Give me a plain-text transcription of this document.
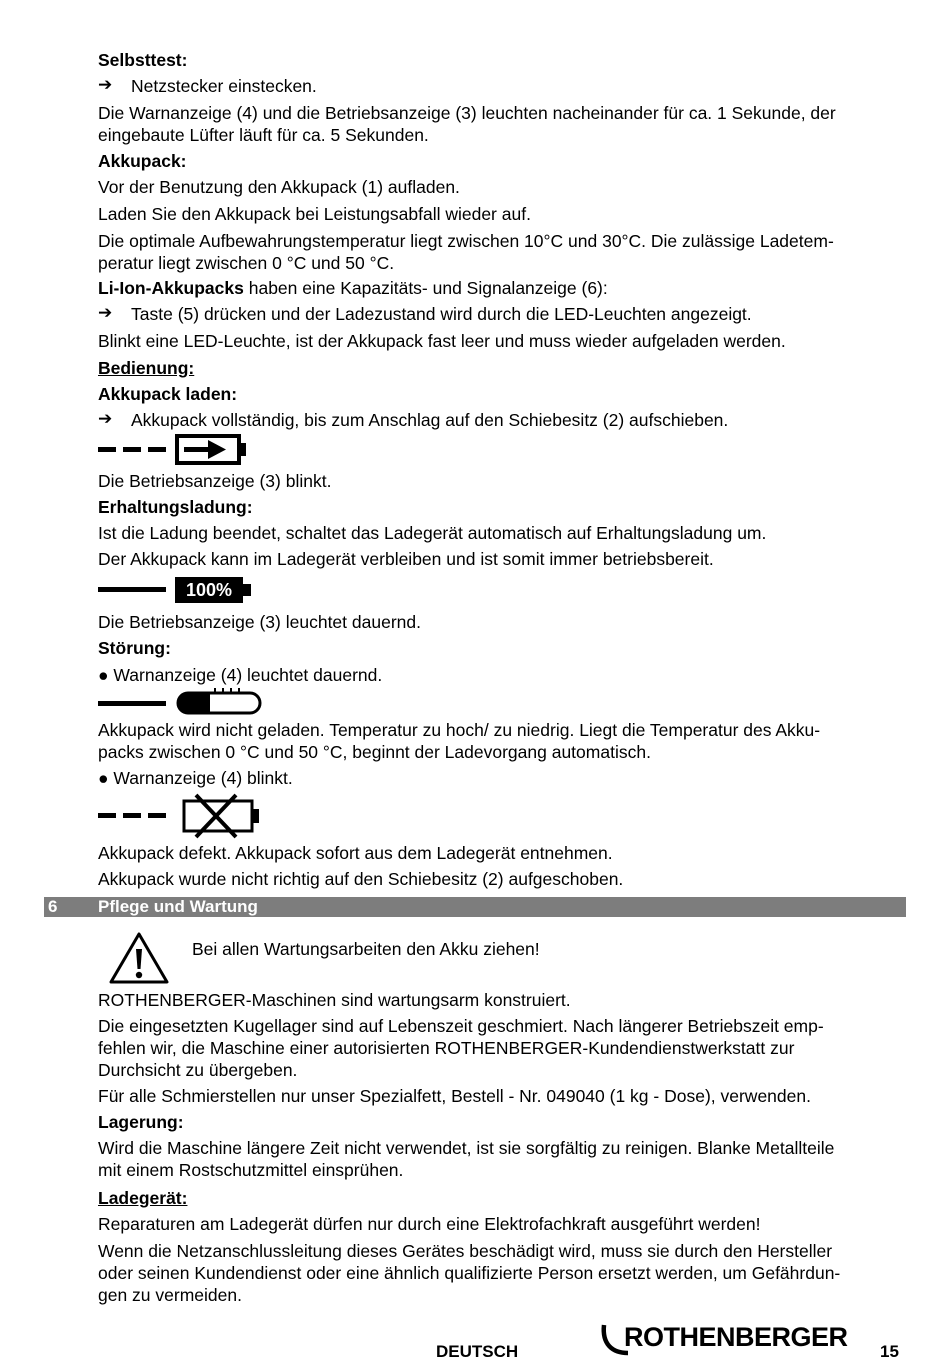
Selbsttest:
➔ Netzstecker einstecken.
Die Warnanzeige (4) und die Betriebsanzeige (3) leuchten nacheinander für ca. 1 Sekunde, der
eingebaute Lüfter läuft für ca. 5 Sekunden.
Akkupack:
Vor der Benutzung den Akkupack (1) aufladen.
Laden Sie den Akkupack bei Leistungsabfall wieder auf.
Die optimale Aufbewahrungstemperatur liegt zwischen 10°C und 30°C. Die zulässige Ladetem-
peratur liegt zwischen 0 °C und 50 °C.
Li-Ion-Akkupacks haben eine Kapazitäts- und Signalanzeige (6):
➔ Taste (5) drücken und der Ladezustand wird durch die LED-Leuchten angezeigt.
Blinkt eine LED-Leuchte, ist der Akkupack fast leer und muss wieder aufgeladen werden.
Bedienung:
Akkupack laden:
➔ Akkupack vollständig, bis zum Anschlag auf den Schiebesitz (2) aufschieben.
Die Betriebsanzeige (3) blinkt.
Erhaltungsladung:
Ist die Ladung beendet, schaltet das Ladegerät automatisch auf Erhaltungsladung um.
Der Akkupack kann im Ladegerät verbleiben und ist somit immer betriebsbereit.
100%
Die Betriebsanzeige (3) leuchtet dauernd.
Störung:
● Warnanzeige (4) leuchtet dauernd.
Akkupack wird nicht geladen. Temperatur zu hoch/ zu niedrig. Liegt die Temperatur des Akku-
packs zwischen 0 °C und 50 °C, beginnt der Ladevorgang automatisch.
● Warnanzeige (4) blinkt.
Akkupack defekt. Akkupack sofort aus dem Ladegerät entnehmen.
Akkupack wurde nicht richtig auf den Schiebesitz (2) aufgeschoben.
6 Pflege und Wartung
Bei allen Wartungsarbeiten den Akku ziehen!
ROTHENBERGER-Maschinen sind wartungsarm konstruiert.
Die eingesetzten Kugellager sind auf Lebenszeit geschmiert. Nach längerer Betriebszeit emp-
fehlen wir, die Maschine einer autorisierten ROTHENBERGER-Kundendienstwerkstatt zur
Durchsicht zu übergeben.
Für alle Schmierstellen nur unser Spezialfett, Bestell - Nr. 049040 (1 kg - Dose), verwenden.
Lagerung:
Wird die Maschine längere Zeit nicht verwendet, ist sie sorgfältig zu reinigen. Blanke Metallteile
mit einem Rostschutzmittel einsprühen.
Ladegerät:
Reparaturen am Ladegerät dürfen nur durch eine Elektrofachkraft ausgeführt werden!
Wenn die Netzanschlussleitung dieses Gerätes beschädigt wird, muss sie durch den Hersteller
oder seinen Kundendienst oder eine ähnlich qualifizierte Person ersetzt werden, um Gefährdun-
gen zu vermeiden.
DEUTSCH	ROTHENBERGER 15
